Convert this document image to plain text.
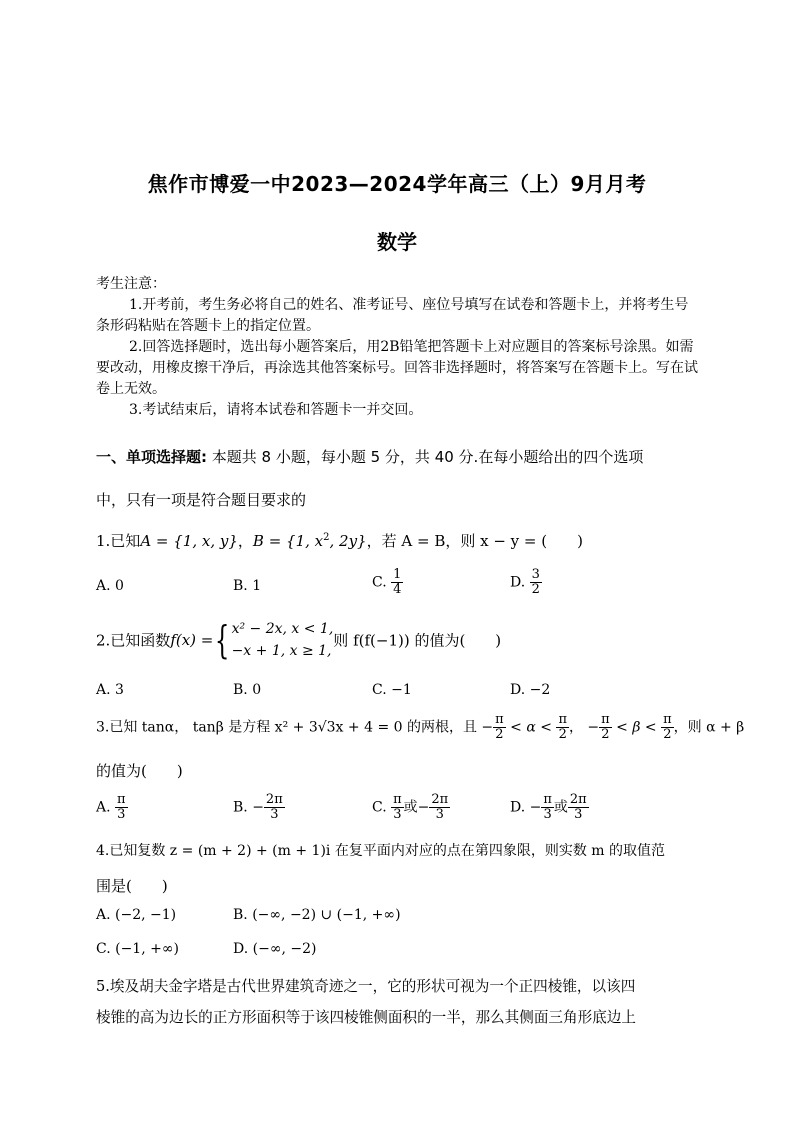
焦作市博爱一中2023—2024学年高三（上）9月月考
数学
考生注意：
1.开考前，考生务必将自己的姓名、准考证号、座位号填写在试卷和答题卡上，并将考生号条形码粘贴在答题卡上的指定位置。
2.回答选择题时，选出每小题答案后，用2B铅笔把答题卡上对应题目的答案标号涂黑。如需要改动，用橡皮擦干净后，再涂选其他答案标号。回答非选择题时，将答案写在答题卡上。写在试卷上无效。
3.考试结束后，请将本试卷和答题卡一并交回。
一、单项选择题: 本题共 8 小题，每小题 5 分，共 40 分.在每小题给出的四个选项
中，只有一项是符合题目要求的
1.已知A = {1, x, y}，B = {1, $x^2$, 2y}，若 A = B，则 x − y = (　　)
A. 0	B. 1	C. $\frac{1}{4}$	D. $\frac{3}{2}$
2.已知函数f(x) ={ x² − 2x, x < 1,
−x + 1, x ≥ 1,
则 f(f(−1)) 的值为(　　)
A. 3	B. 0	C. −1	D. −2
3.已知 tanα， tanβ 是方程 x² + 3√3x + 4 = 0 的两根，且 − $\frac{\pi}{2} < \alpha < \frac{\pi}{2}$ ， − $\frac{\pi}{2} < \beta < \frac{\pi}{2}$ ，则 α + β
的值为(　　)
A. $\frac{\pi}{3}$	B. − $\frac{2\pi}{3}$	C. $\frac{\pi}{3}$ 或− $\frac{2\pi}{3}$	D. − $\frac{\pi}{3}$ 或 $\frac{2\pi}{3}$
4.已知复数 z = (m + 2) + (m + 1)i 在复平面内对应的点在第四象限，则实数 m 的取值范
围是(　　)
A. (−2, −1)	B. (−∞, −2) ∪ (−1, +∞)
C. (−1, +∞)	D. (−∞, −2)
5.埃及胡夫金字塔是古代世界建筑奇迹之一，它的形状可视为一个正四棱锥，以该四
棱锥的高为边长的正方形面积等于该四棱锥侧面积的一半，那么其侧面三角形底边上
